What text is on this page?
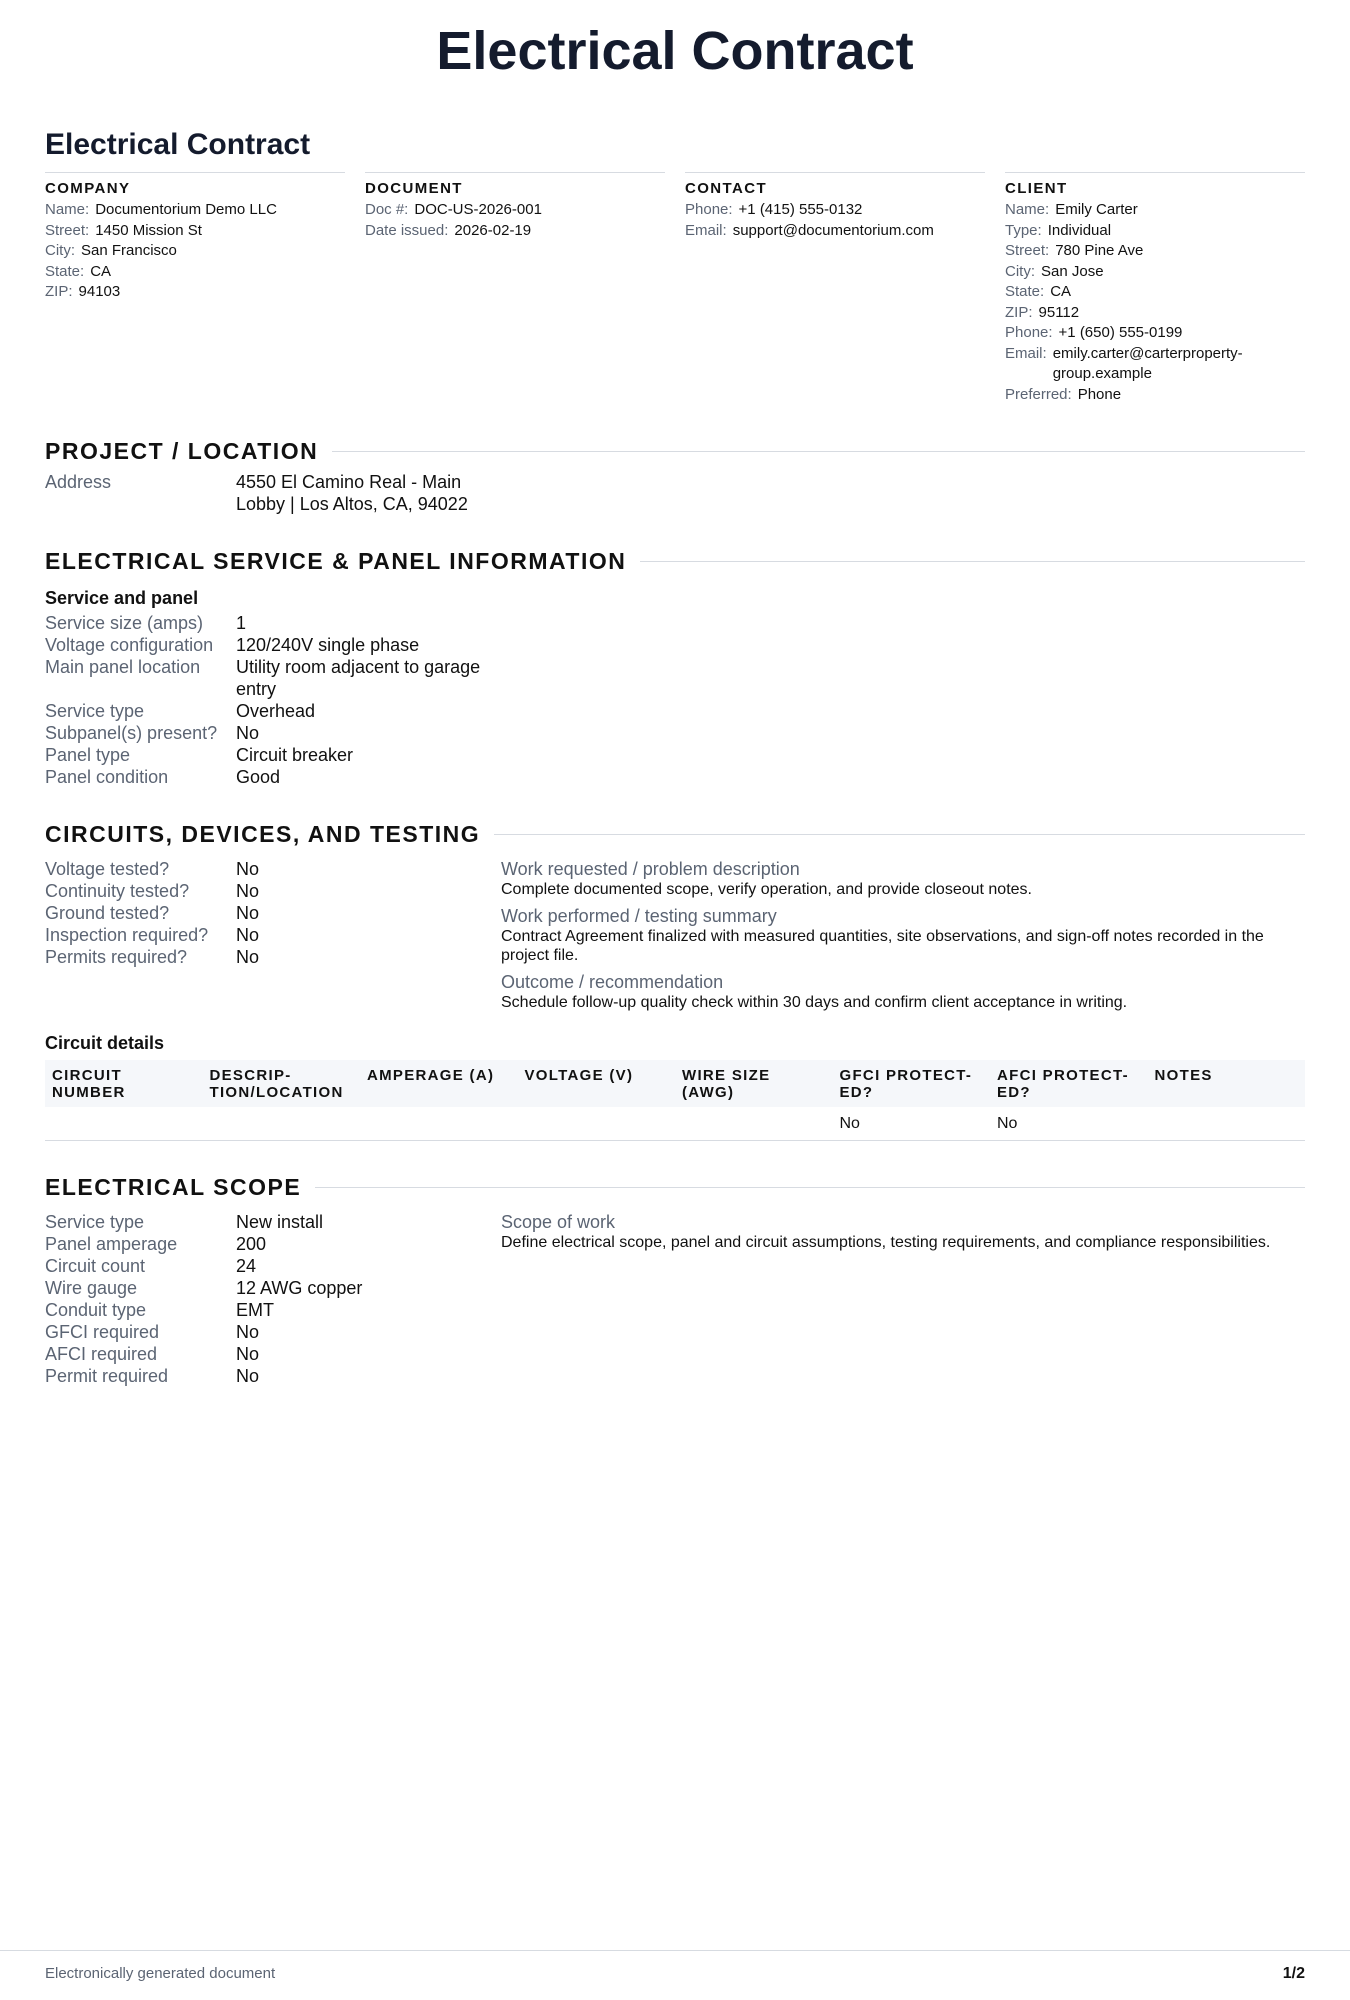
Electrical Contract
Electrical Contract
COMPANY
Name: Documentorium Demo LLC
Street: 1450 Mission St
City: San Francisco
State: CA
ZIP: 94103
DOCUMENT
Doc #: DOC-US-2026-001
Date issued: 2026-02-19
CONTACT
Phone: +1 (415) 555-0132
Email: support@documentorium.com
CLIENT
Name: Emily Carter
Type: Individual
Street: 780 Pine Ave
City: San Jose
State: CA
ZIP: 95112
Phone: +1 (650) 555-0199
Email: emily.carter@carterproperty-group.example
Preferred: Phone
PROJECT / LOCATION
Address	4550 El Camino Real - Main Lobby | Los Altos, CA, 94022
ELECTRICAL SERVICE & PANEL INFORMATION
Service and panel
Service size (amps)	1
Voltage configuration	120/240V single phase
Main panel location	Utility room adjacent to garage entry
Service type	Overhead
Subpanel(s) present?	No
Panel type	Circuit breaker
Panel condition	Good
CIRCUITS, DEVICES, AND TESTING
Voltage tested?	No
Continuity tested?	No
Ground tested?	No
Inspection required?	No
Permits required?	No
Work requested / problem description
Complete documented scope, verify operation, and provide closeout notes.
Work performed / testing summary
Contract Agreement finalized with measured quantities, site observations, and sign-off notes recorded in the project file.
Outcome / recommendation
Schedule follow-up quality check within 30 days and confirm client acceptance in writing.
Circuit details
CIRCUIT NUMBER	DESCRIP-TION/LOCATION	AMPERAGE (A)	VOLTAGE (V)	WIRE SIZE (AWG)	GFCI PROTECT-ED?	AFCI PROTECT-ED?	NOTES
					No	No	
ELECTRICAL SCOPE
Service type	New install
Panel amperage	200
Circuit count	24
Wire gauge	12 AWG copper
Conduit type	EMT
GFCI required	No
AFCI required	No
Permit required	No
Scope of work
Define electrical scope, panel and circuit assumptions, testing requirements, and compliance responsibilities.
Electronically generated document	1/2
